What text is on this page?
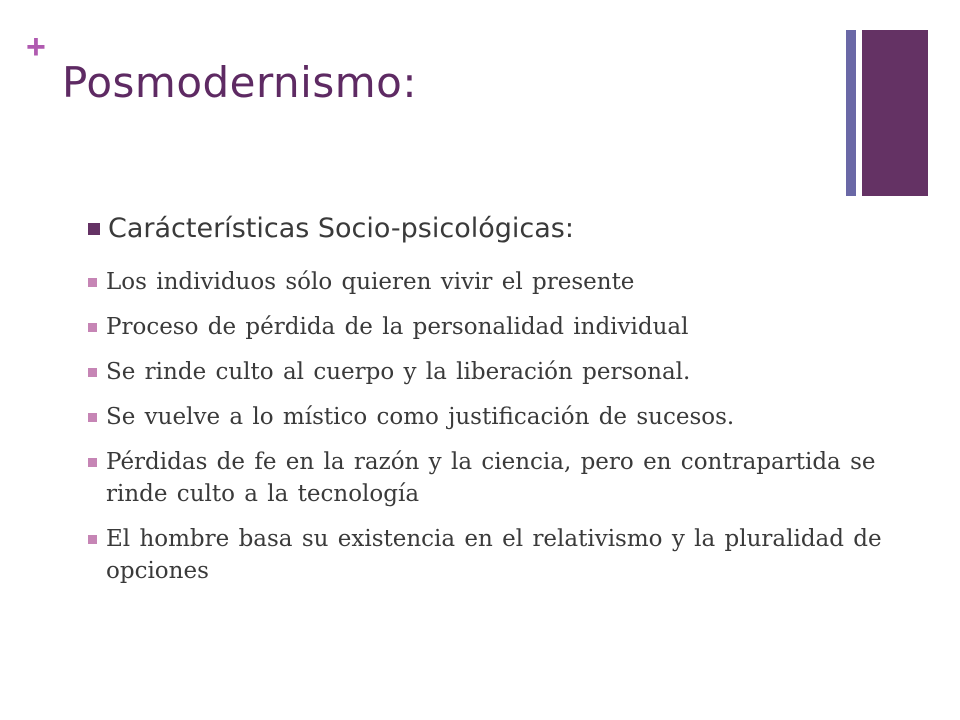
+
Posmodernismo:
Carácterísticas Socio-psicológicas:
Los individuos sólo quieren vivir el presente
Proceso de pérdida de la personalidad individual
Se rinde culto al cuerpo y la liberación personal.
Se vuelve a lo místico como justificación de sucesos.
Pérdidas de fe en la razón y la ciencia, pero en contrapartida se rinde culto a la tecnología
El hombre basa su existencia en el relativismo y la pluralidad de opciones
